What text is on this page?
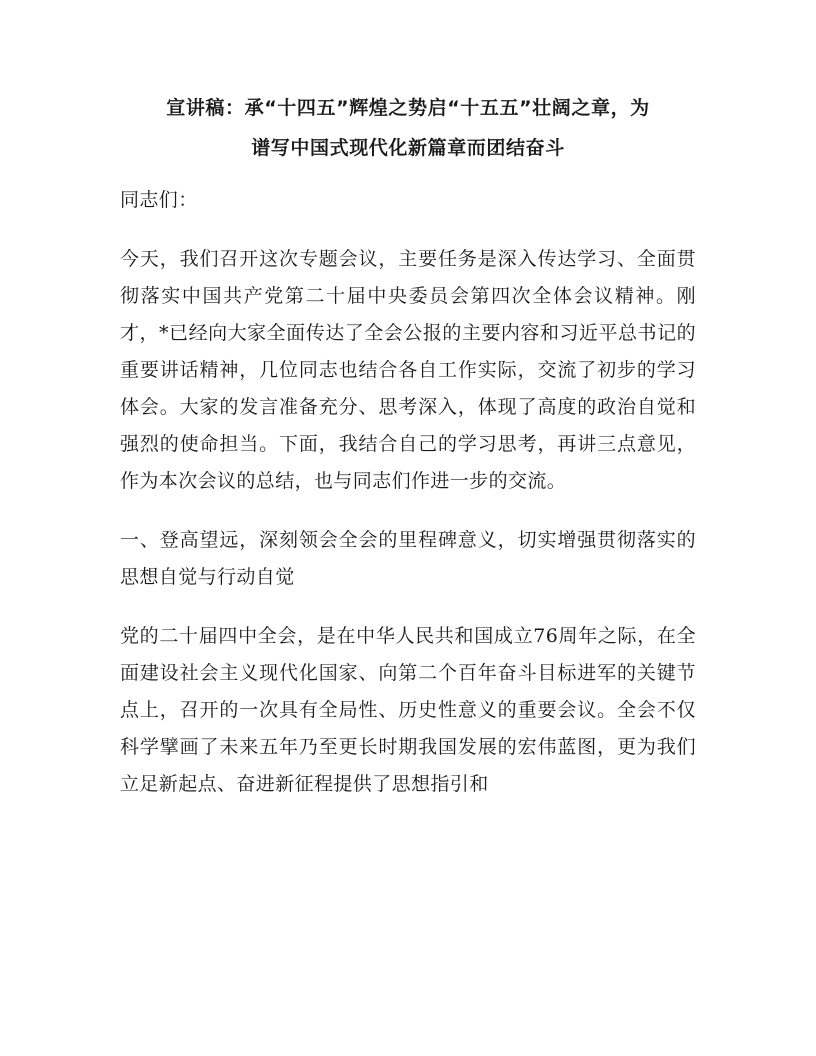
宣讲稿：承“十四五”辉煌之势启“十五五”壮阔之章，为
谱写中国式现代化新篇章而团结奋斗

同志们：

今天，我们召开这次专题会议，主要任务是深入传达学习、全面贯彻落实中国共产党第二十届中央委员会第四次全体会议精神。刚才，*已经向大家全面传达了全会公报的主要内容和习近平总书记的重要讲话精神，几位同志也结合各自工作实际，交流了初步的学习体会。大家的发言准备充分、思考深入，体现了高度的政治自觉和强烈的使命担当。下面，我结合自己的学习思考，再讲三点意见，作为本次会议的总结，也与同志们作进一步的交流。

一、登高望远，深刻领会全会的里程碑意义，切实增强贯彻落实的思想自觉与行动自觉

党的二十届四中全会，是在中华人民共和国成立76周年之际，在全面建设社会主义现代化国家、向第二个百年奋斗目标进军的关键节点上，召开的一次具有全局性、历史性意义的重要会议。全会不仅科学擘画了未来五年乃至更长时期我国发展的宏伟蓝图，更为我们立足新起点、奋进新征程提供了思想指引和
